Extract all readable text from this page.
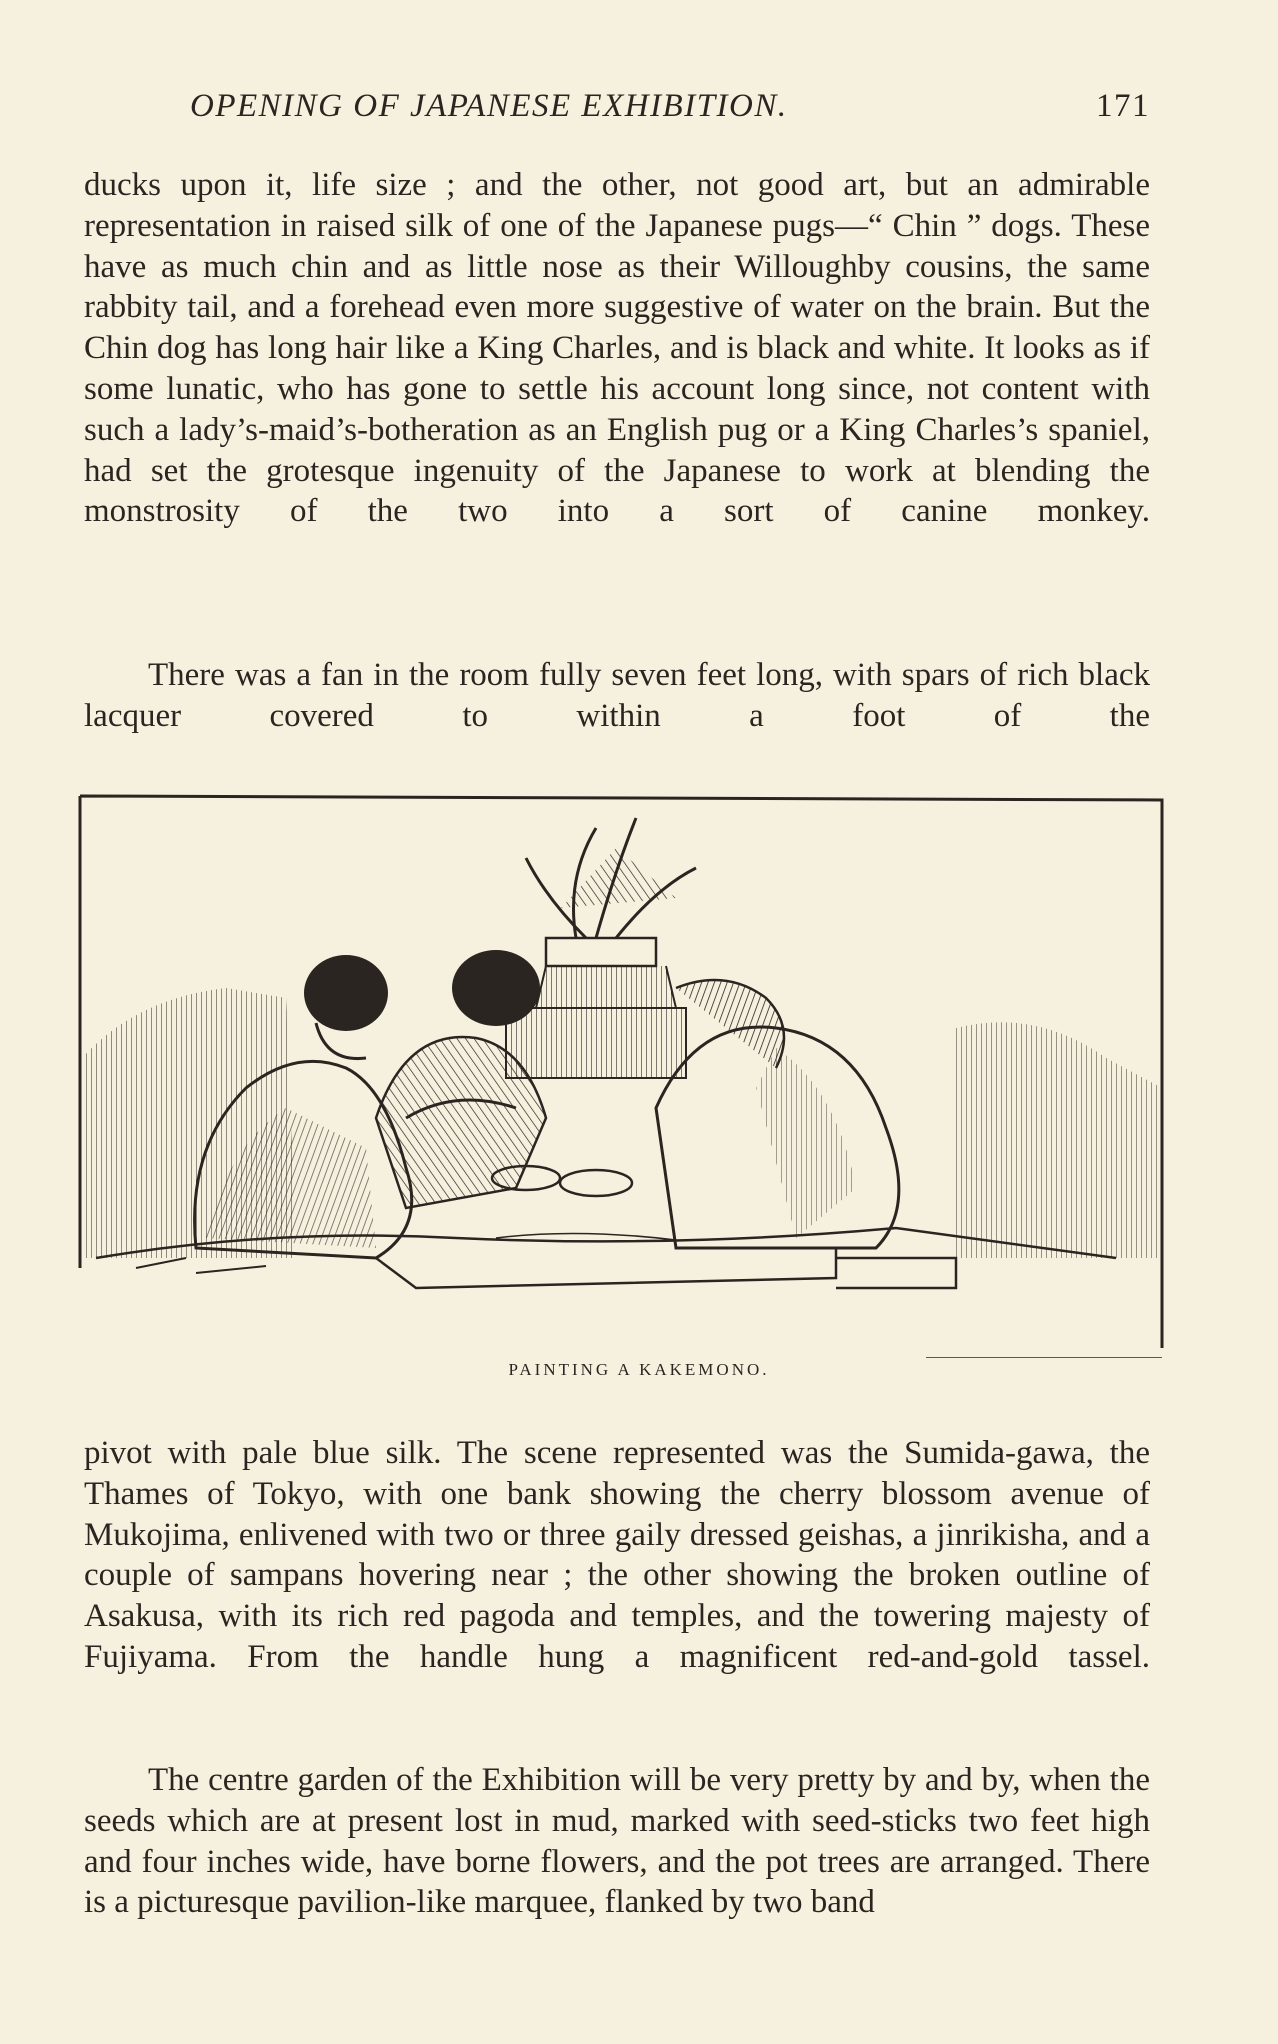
OPENING OF JAPANESE EXHIBITION.	171

ducks upon it, life size ; and the other, not good art, but an admirable representation in raised silk of one of the Japanese pugs—“ Chin ” dogs. These have as much chin and as little nose as their Willoughby cousins, the same rabbity tail, and a forehead even more suggestive of water on the brain. But the Chin dog has long hair like a King Charles, and is black and white. It looks as if some lunatic, who has gone to settle his account long since, not content with such a lady’s-maid’s-botheration as an English pug or a King Charles’s spaniel, had set the grotesque ingenuity of the Japanese to work at blending the monstrosity of the two into a sort of canine monkey.

There was a fan in the room fully seven feet long, with spars of rich black lacquer covered to within a foot of the

PAINTING A KAKEMONO.

pivot with pale blue silk. The scene represented was the Sumida-gawa, the Thames of Tokyo, with one bank showing the cherry blossom avenue of Mukojima, enlivened with two or three gaily dressed geishas, a jinrikisha, and a couple of sampans hovering near ; the other showing the broken outline of Asakusa, with its rich red pagoda and temples, and the towering majesty of Fujiyama. From the handle hung a magnificent red-and-gold tassel.

The centre garden of the Exhibition will be very pretty by and by, when the seeds which are at present lost in mud, marked with seed-sticks two feet high and four inches wide, have borne flowers, and the pot trees are arranged. There is a picturesque pavilion-like marquee, flanked by two band
